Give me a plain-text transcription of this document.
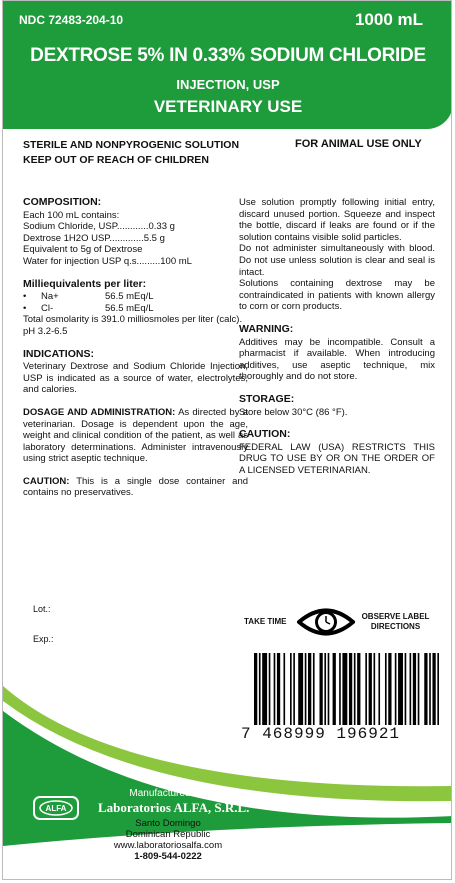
NDC 72483-204-10	1000 mL
DEXTROSE 5% IN 0.33% SODIUM CHLORIDE
INJECTION, USP
VETERINARY USE
STERILE AND NONPYROGENIC SOLUTION
KEEP OUT OF REACH OF CHILDREN
FOR ANIMAL USE ONLY
COMPOSITION:
Each 100 mL contains:
Sodium Chloride, USP............0.33 g
Dextrose 1H2O USP.............5.5 g
Equivalent to 5g of Dextrose
Water for injection USP q.s.........100 mL
Milliequivalents per liter:
•	Na+	56.5 mEq/L
•	Cl-	56.5 mEq/L
Total osmolarity is 391.0 milliosmoles per liter (calc). pH 3.2-6.5
INDICATIONS:
Veterinary Dextrose and Sodium Chloride Injection, USP is indicated as a source of water, electrolytes, and calories.
DOSAGE AND ADMINISTRATION: As directed by a veterinarian. Dosage is dependent upon the age, weight and clinical condition of the patient, as well as laboratory determinations. Administer intravenously using strict aseptic technique.
CAUTION: This is a single dose container and contains no preservatives.
Use solution promptly following initial entry, discard unused portion. Squeeze and inspect the bottle, discard if leaks are found or if the solution contains visible solid particles.
Do not administer simultaneously with blood. Do not use unless solution is clear and seal is intact.
Solutions containing dextrose may be contraindicated in patients with known allergy to corn or corn products.
WARNING:
Additives may be incompatible. Consult a pharmacist if available. When introducing additives, use aseptic technique, mix thoroughly and do not store.
STORAGE:
Store below 30°C (86 °F).
CAUTION:
FEDERAL LAW (USA) RESTRICTS THIS DRUG TO USE BY OR ON THE ORDER OF A LICENSED VETERINARIAN.
Lot.:
Exp.:
TAKE TIME
OBSERVE LABEL DIRECTIONS
7 468999 196921
Manufactured by:
ALFA Laboratorios ALFA, S.R.L.
Santo Domingo
Dominican Republic
www.laboratoriosalfa.com
1-809-544-0222
